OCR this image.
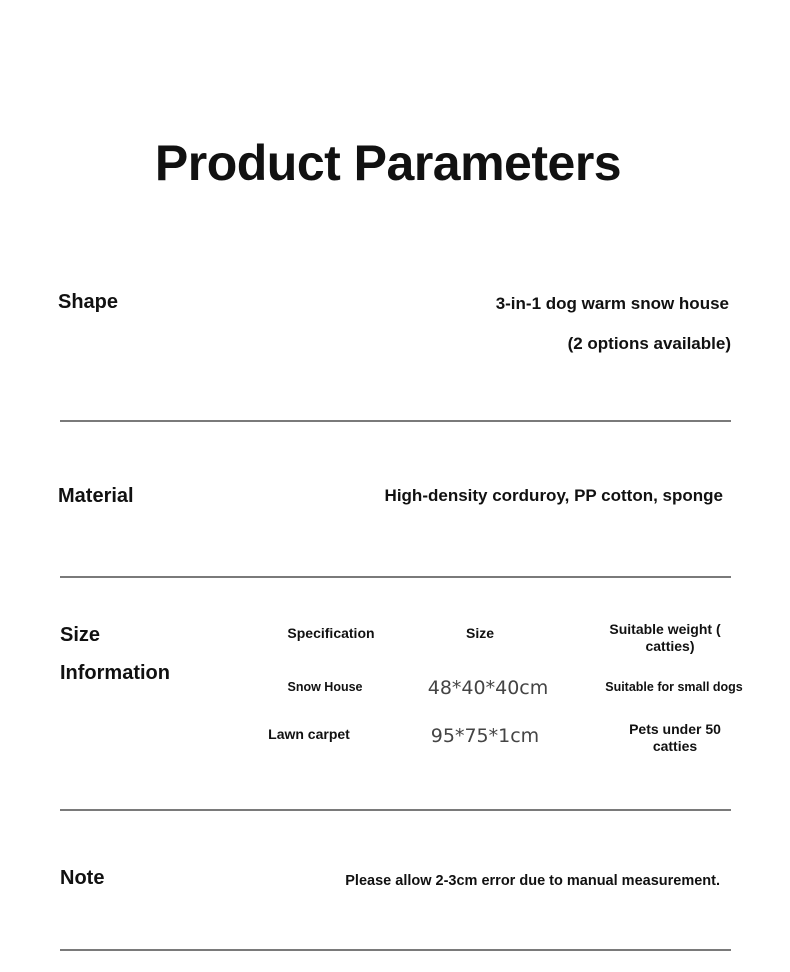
Product Parameters
Shape	3-in-1 dog warm snow house
(2 options available)
Material	High-density corduroy, PP cotton, sponge
Size
Information
Specification	Size	Suitable weight (
catties)
Snow House	48*40*40cm	Suitable for small dogs
Lawn carpet	95*75*1cm	Pets under 50
catties
Note	Please allow 2-3cm error due to manual measurement.
